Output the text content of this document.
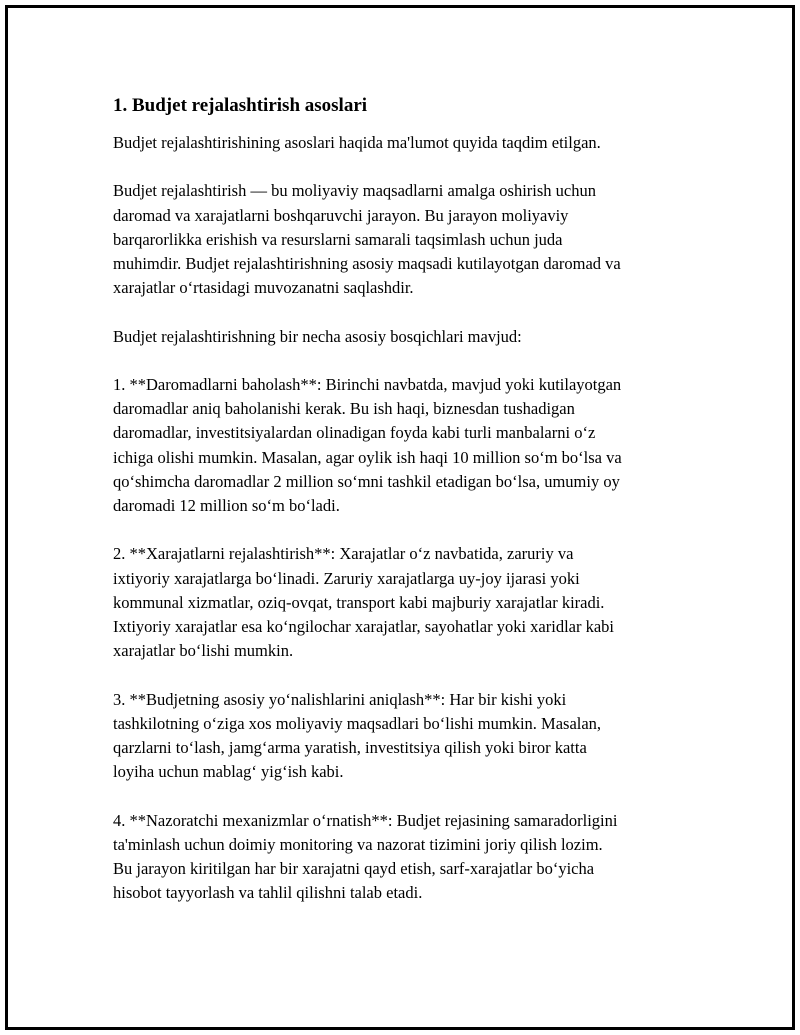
1. Budjet rejalashtirish asoslari

Budjet rejalashtirishining asoslari haqida ma'lumot quyida taqdim etilgan.

Budjet rejalashtirish — bu moliyaviy maqsadlarni amalga oshirish uchun
daromad va xarajatlarni boshqaruvchi jarayon. Bu jarayon moliyaviy
barqarorlikka erishish va resurslarni samarali taqsimlash uchun juda
muhimdir. Budjet rejalashtirishning asosiy maqsadi kutilayotgan daromad va
xarajatlar oʻrtasidagi muvozanatni saqlashdir.

Budjet rejalashtirishning bir necha asosiy bosqichlari mavjud:

1. **Daromadlarni baholash**: Birinchi navbatda, mavjud yoki kutilayotgan
daromadlar aniq baholanishi kerak. Bu ish haqi, biznesdan tushadigan
daromadlar, investitsiyalardan olinadigan foyda kabi turli manbalarni oʻz
ichiga olishi mumkin. Masalan, agar oylik ish haqi 10 million soʻm boʻlsa va
qoʻshimcha daromadlar 2 million soʻmni tashkil etadigan boʻlsa, umumiy oy
daromadi 12 million soʻm boʻladi.

2. **Xarajatlarni rejalashtirish**: Xarajatlar oʻz navbatida, zaruriy va
ixtiyoriy xarajatlarga boʻlinadi. Zaruriy xarajatlarga uy-joy ijarasi yoki
kommunal xizmatlar, oziq-ovqat, transport kabi majburiy xarajatlar kiradi.
Ixtiyoriy xarajatlar esa koʻngilochar xarajatlar, sayohatlar yoki xaridlar kabi
xarajatlar boʻlishi mumkin.

3. **Budjetning asosiy yoʻnalishlarini aniqlash**: Har bir kishi yoki
tashkilotning oʻziga xos moliyaviy maqsadlari boʻlishi mumkin. Masalan,
qarzlarni toʻlash, jamgʻarma yaratish, investitsiya qilish yoki biror katta
loyiha uchun mablagʻ yigʻish kabi.

4. **Nazoratchi mexanizmlar oʻrnatish**: Budjet rejasining samaradorligini
ta'minlash uchun doimiy monitoring va nazorat tizimini joriy qilish lozim.
Bu jarayon kiritilgan har bir xarajatni qayd etish, sarf-xarajatlar boʻyicha
hisobot tayyorlash va tahlil qilishni talab etadi.
